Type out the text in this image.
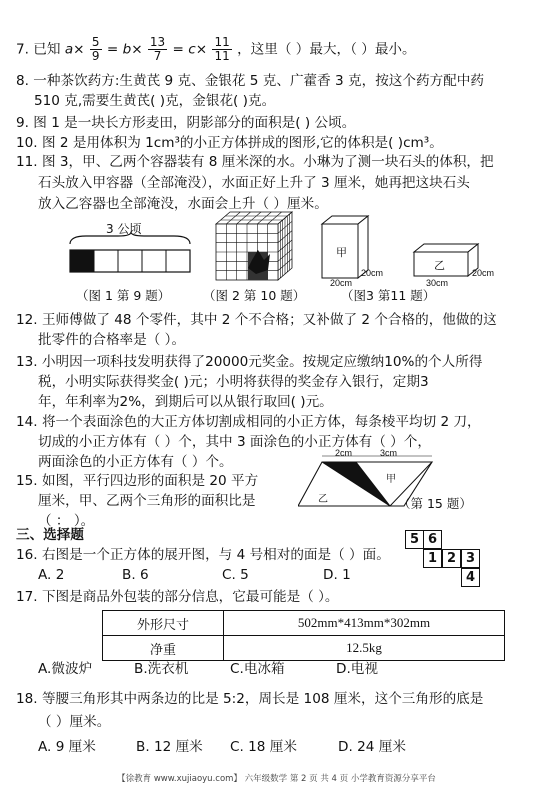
7. 已知 $a\times \frac{5}{9} = b\times \frac{13}{7} = c\times \frac{11}{11}$ ，这里（ ）最大，（ ）最小。
8. 一种茶饮药方:生黄芪 9 克、金银花 5 克、广藿香 3 克，按这个药方配中药
510 克,需要生黄芪( )克，金银花( )克。
9. 图 1 是一块长方形麦田，阴影部分的面积是( ) 公顷。
10. 图 2 是用体积为 1cm³的小正方体拼成的图形,它的体积是( )cm³。
11. 图 3，甲、乙两个容器装有 8 厘米深的水。小琳为了测一块石头的体积，把
石头放入甲容器（全部淹没），水面正好上升了 3 厘米，她再把这块石头
放入乙容器也全部淹没，水面会上升（ ）厘米。
3 公顷
（图 1 第 9 题）	（图 2 第 10 题）
甲
乙
20cm
20cm
20cm
30cm
（图3 第11 题）
12. 王师傅做了 48 个零件，其中 2 个不合格；又补做了 2 个合格的，他做的这
批零件的合格率是（ ）。
13. 小明因一项科技发明获得了20000元奖金。按规定应缴纳10%的个人所得
税，小明实际获得奖金( )元；小明将获得的奖金存入银行，定期3
年，年利率为2%，到期后可以从银行取回( )元。
14. 将一个表面涂色的大正方体切割成相同的小正方体，每条棱平均切 2 刀，
切成的小正方体有（ ）个，其中 3 面涂色的小正方体有（ ）个，
两面涂色的小正方体有（ ）个。
15. 如图，平行四边形的面积是 20 平方
厘米，甲、乙两个三角形的面积比是
（ ： ）。
2cm	3cm
甲
乙	（第 15 题）
三、选择题
16. 右图是一个正方体的展开图，与 4 号相对的面是（ ）面。
A. 2	B. 6	C. 5	D. 1
5 6
1 2 3
4
17. 下图是商品外包装的部分信息，它最可能是（ ）。
外形尺寸	502mm*413mm*302mm
净重	12.5kg
A.微波炉	B.洗衣机	C.电冰箱	D.电视
18. 等腰三角形其中两条边的比是 5:2，周长是 108 厘米，这个三角形的底是
（ ）厘米。
A. 9 厘米	B. 12 厘米 C. 18 厘米	D. 24 厘米
【徐教育 www.xujiaoyu.com】 六年级数学 第 2 页 共 4 页 小学教育资源分享平台
